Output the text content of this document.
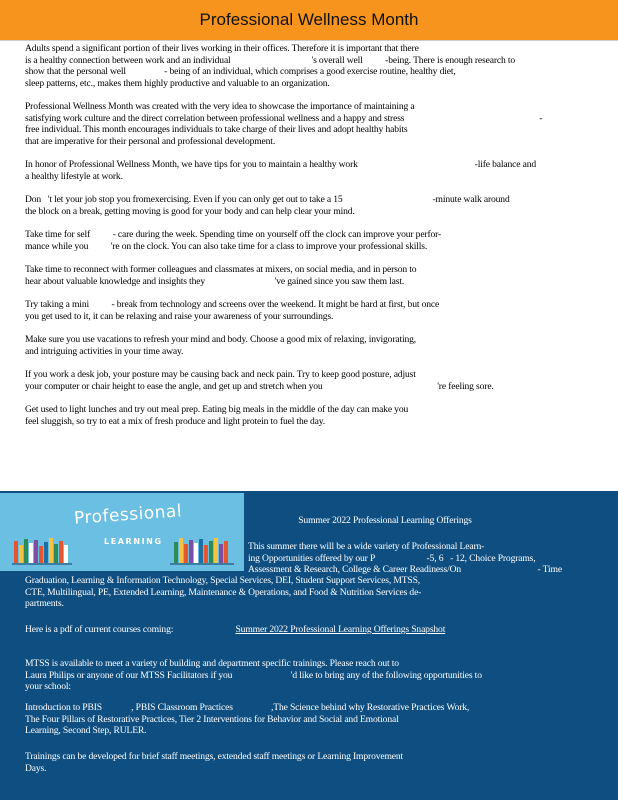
Professional Wellness Month

Adults spend a significant portion of their lives working in their offices. Therefore it is important that there
is a healthy connection between work and an individual                                    's overall well          -being. There is enough research to
show that the personal well                 - being of an individual, which comprises a good exercise routine, healthy diet,
sleep patterns, etc., makes them highly productive and valuable to an organization.

Professional Wellness Month was created with the very idea to showcase the importance of maintaining a
satisfying work culture and the direct correlation between professional wellness and a happy and stress                                                            -
free individual. This month encourages individuals to take charge of their lives and adopt healthy habits
that are imperative for their personal and professional development.

In honor of Professional Wellness Month, we have tips for you to maintain a healthy work                                                    -life balance and
a healthy lifestyle at work.

Don   't let your job stop you fromexercising. Even if you can only get out to take a 15                                        -minute walk around
the block on a break, getting moving is good for your body and can help clear your mind.

Take time for self          - care during the week. Spending time on yourself off the clock can improve your perfor-
mance while you          're on the clock. You can also take time for a class to improve your professional skills.

Take time to reconnect with former colleagues and classmates at mixers, on social media, and in person to
hear about valuable knowledge and insights they                               've gained since you saw them last.

Try taking a mini          - break from technology and screens over the weekend. It might be hard at first, but once
you get used to it, it can be relaxing and raise your awareness of your surroundings.

Make sure you use vacations to refresh your mind and body. Choose a good mix of relaxing, invigorating,
and intriguing activities in your time away.

If you work a desk job, your posture may be causing back and neck pain. Try to keep good posture, adjust
your computer or chair height to ease the angle, and get up and stretch when you                                                   're feeling sore.

Get used to light lunches and try out meal prep. Eating big meals in the middle of the day can make you
feel sluggish, so try to eat a mix of fresh produce and light protein to fuel the day.

Professional
LEARNING
Summer 2022 Professional Learning Offerings
This summer there will be a wide variety of Professional Learn-
ing Opportunities offered by our P                       -5, 6   - 12, Choice Programs,
Assessment & Research, College & Career Readiness/On                                  - Time
Graduation, Learning & Information Technology, Special Services, DEI, Student Support Services, MTSS,
CTE, Multilingual, PE, Extended Learning, Maintenance & Operations, and Food & Nutrition Services de-
partments.
Here is a pdf of current courses coming:	Summer 2022 Professional Learning Offerings Snapshot
MTSS is available to meet a variety of building and department specific trainings. Please reach out to
Laura Philips or anyone of our MTSS Facilitators if you                          'd like to bring any of the following opportunities to
your school:
Introduction to PBIS             , PBIS Classroom Practices                 ,The Science behind why Restorative Practices Work,
The Four Pillars of Restorative Practices, Tier 2 Interventions for Behavior and Social and Emotional
Learning, Second Step, RULER.
Trainings can be developed for brief staff meetings, extended staff meetings or Learning Improvement
Days.
